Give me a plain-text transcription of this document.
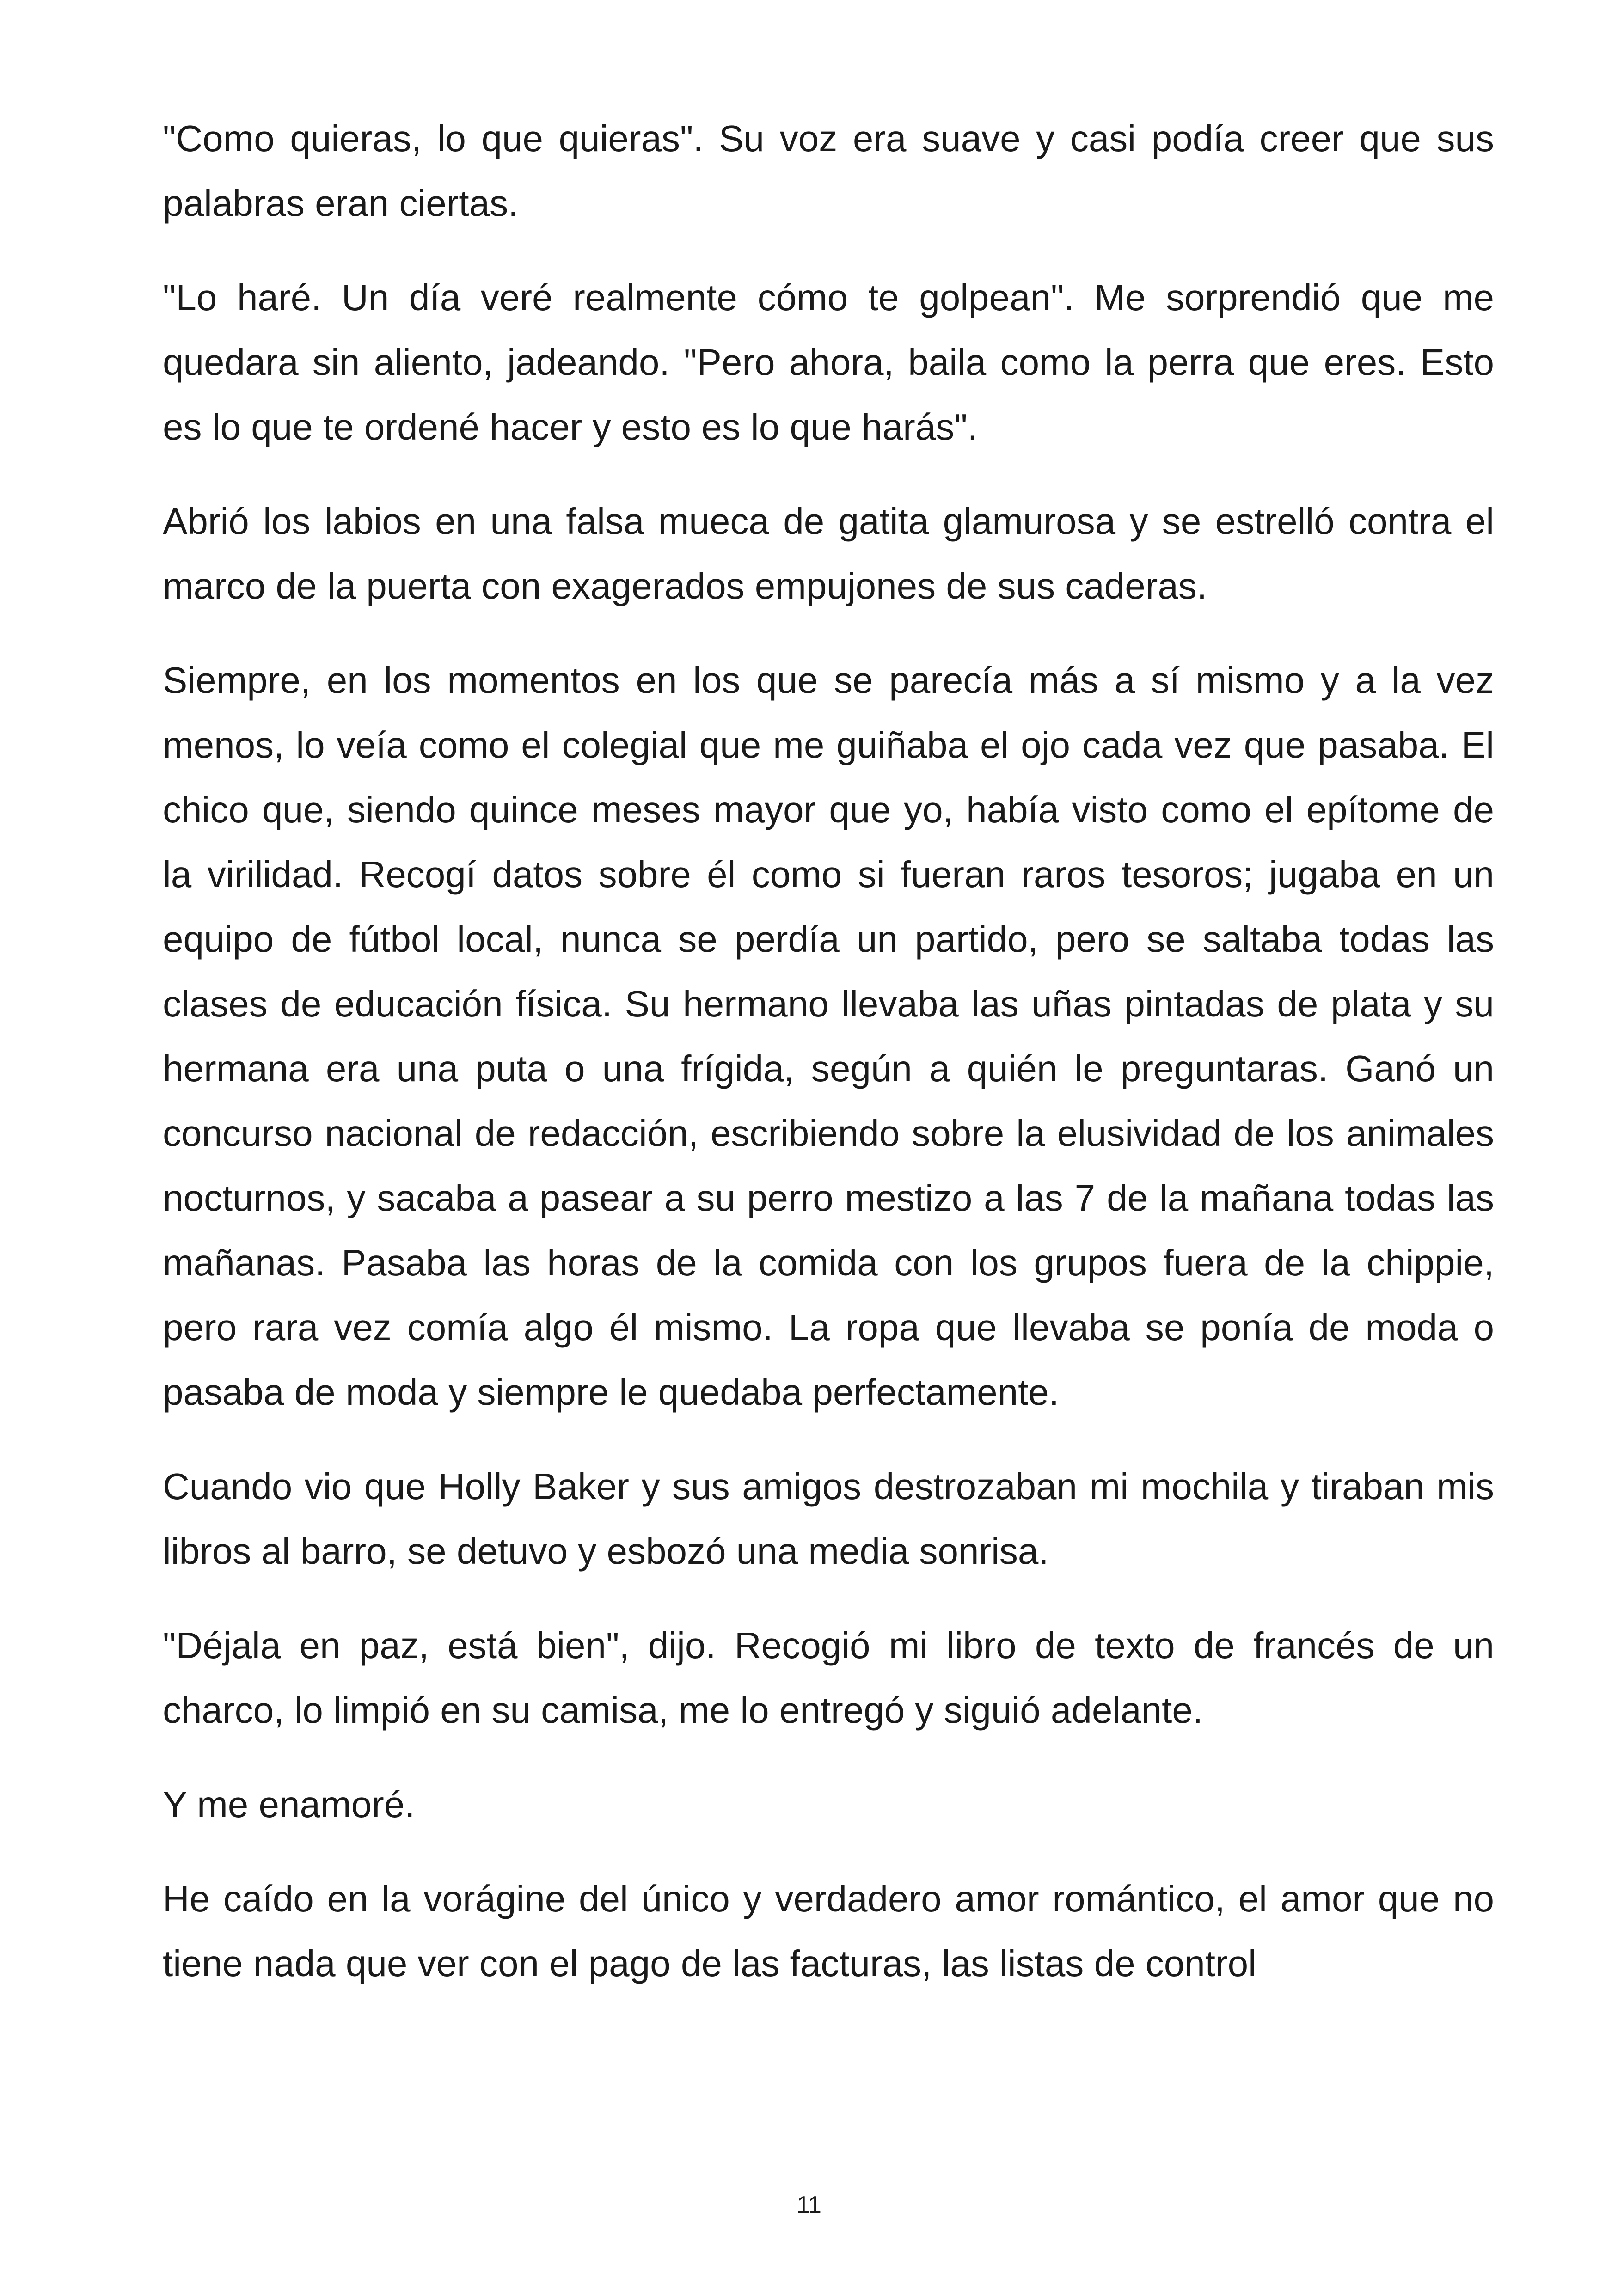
"Como quieras, lo que quieras". Su voz era suave y casi podía creer que sus palabras eran ciertas.

"Lo haré. Un día veré realmente cómo te golpean". Me sorprendió que me quedara sin aliento, jadeando. "Pero ahora, baila como la perra que eres. Esto es lo que te ordené hacer y esto es lo que harás".

Abrió los labios en una falsa mueca de gatita glamurosa y se estrelló contra el marco de la puerta con exagerados empujones de sus caderas.

Siempre, en los momentos en los que se parecía más a sí mismo y a la vez menos, lo veía como el colegial que me guiñaba el ojo cada vez que pasaba. El chico que, siendo quince meses mayor que yo, había visto como el epítome de la virilidad. Recogí datos sobre él como si fueran raros tesoros; jugaba en un equipo de fútbol local, nunca se perdía un partido, pero se saltaba todas las clases de educación física. Su hermano llevaba las uñas pintadas de plata y su hermana era una puta o una frígida, según a quién le preguntaras. Ganó un concurso nacional de redacción, escribiendo sobre la elusividad de los animales nocturnos, y sacaba a pasear a su perro mestizo a las 7 de la mañana todas las mañanas. Pasaba las horas de la comida con los grupos fuera de la chippie, pero rara vez comía algo él mismo. La ropa que llevaba se ponía de moda o pasaba de moda y siempre le quedaba perfectamente.

Cuando vio que Holly Baker y sus amigos destrozaban mi mochila y tiraban mis libros al barro, se detuvo y esbozó una media sonrisa.

"Déjala en paz, está bien", dijo. Recogió mi libro de texto de francés de un charco, lo limpió en su camisa, me lo entregó y siguió adelante.

Y me enamoré.

He caído en la vorágine del único y verdadero amor romántico, el amor que no tiene nada que ver con el pago de las facturas, las listas de control

11
